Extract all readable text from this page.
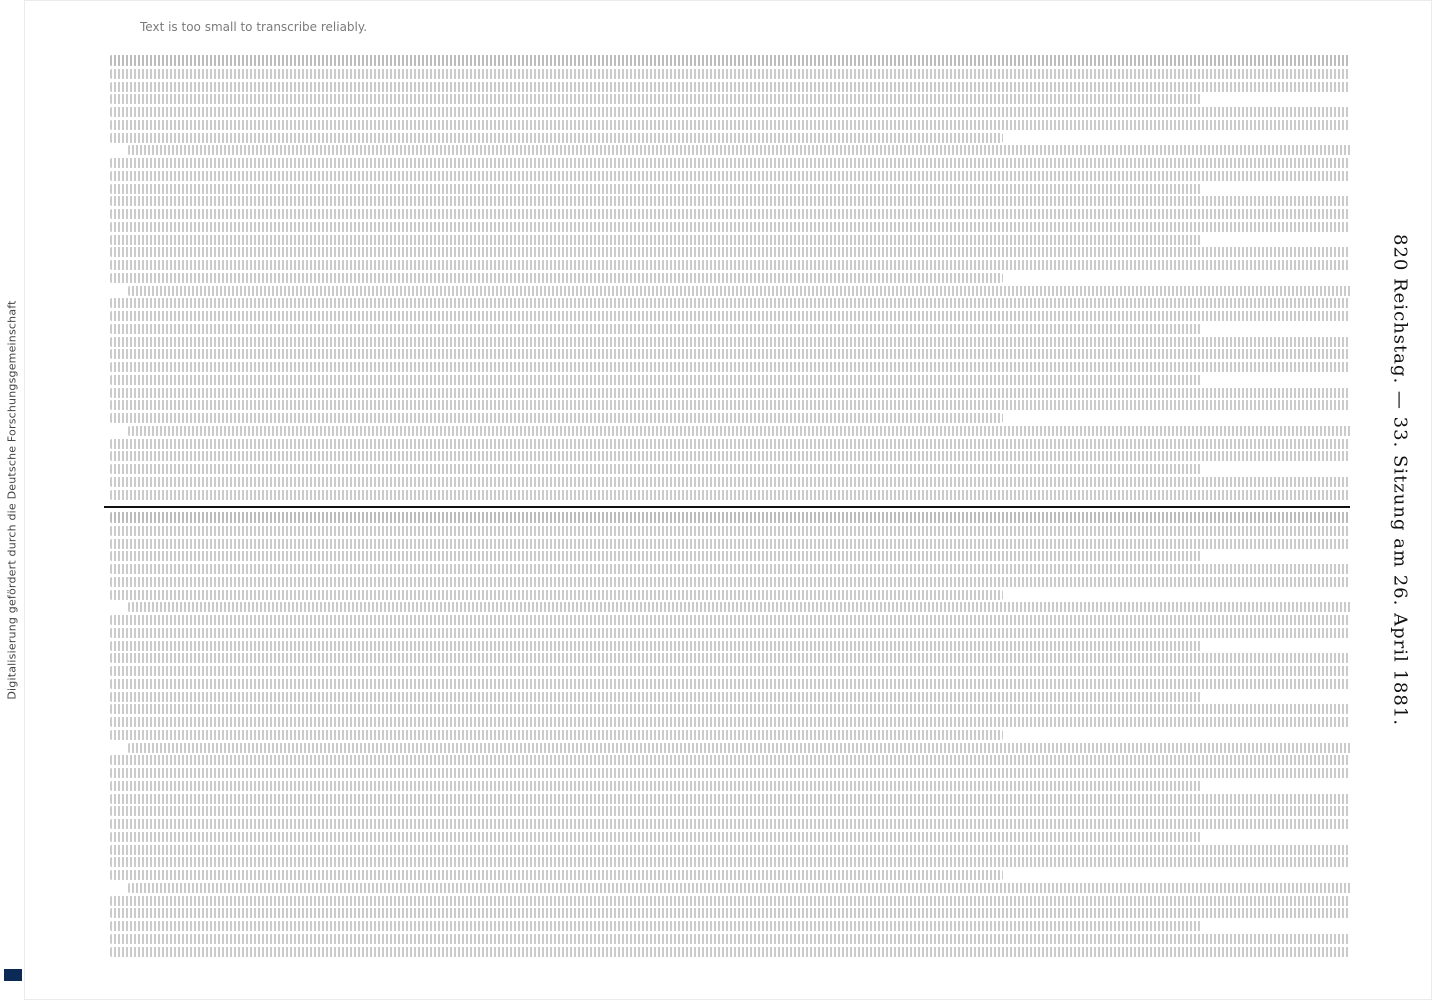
Digitalisierung gefördert durch die Deutsche Forschungsgemeinschaft	820 Reichstag. — 33. Sitzung am 26. April 1881.
Text is too small to transcribe reliably.
